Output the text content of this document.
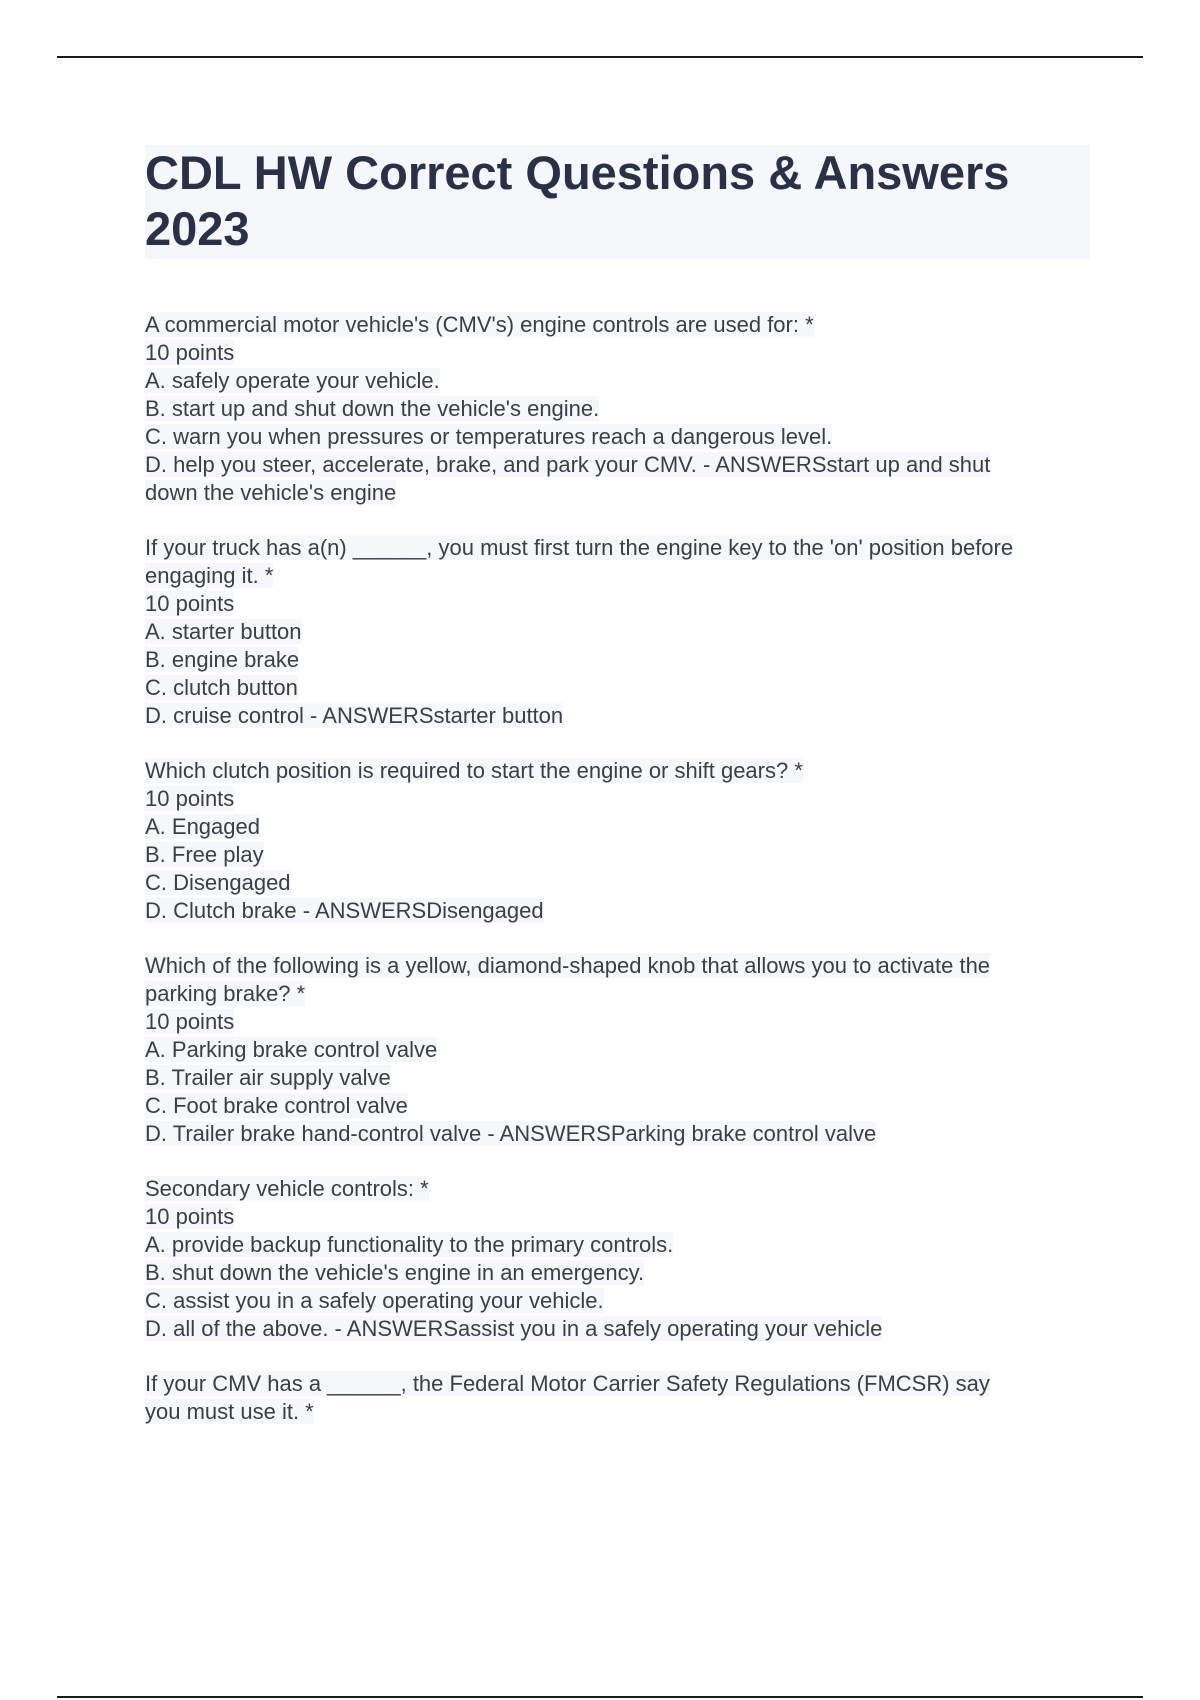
CDL HW Correct Questions & Answers 2023
A commercial motor vehicle's (CMV's) engine controls are used for: *
10 points
A. safely operate your vehicle.
B. start up and shut down the vehicle's engine.
C. warn you when pressures or temperatures reach a dangerous level.
D. help you steer, accelerate, brake, and park your CMV. - ANSWERSstart up and shut
down the vehicle's engine
If your truck has a(n) ______, you must first turn the engine key to the 'on' position before
engaging it. *
10 points
A. starter button
B. engine brake
C. clutch button
D. cruise control - ANSWERSstarter button
Which clutch position is required to start the engine or shift gears? *
10 points
A. Engaged
B. Free play
C. Disengaged
D. Clutch brake - ANSWERSDisengaged
Which of the following is a yellow, diamond-shaped knob that allows you to activate the
parking brake? *
10 points
A. Parking brake control valve
B. Trailer air supply valve
C. Foot brake control valve
D. Trailer brake hand-control valve - ANSWERSParking brake control valve
Secondary vehicle controls: *
10 points
A. provide backup functionality to the primary controls.
B. shut down the vehicle's engine in an emergency.
C. assist you in a safely operating your vehicle.
D. all of the above. - ANSWERSassist you in a safely operating your vehicle
If your CMV has a ______, the Federal Motor Carrier Safety Regulations (FMCSR) say
you must use it. *
